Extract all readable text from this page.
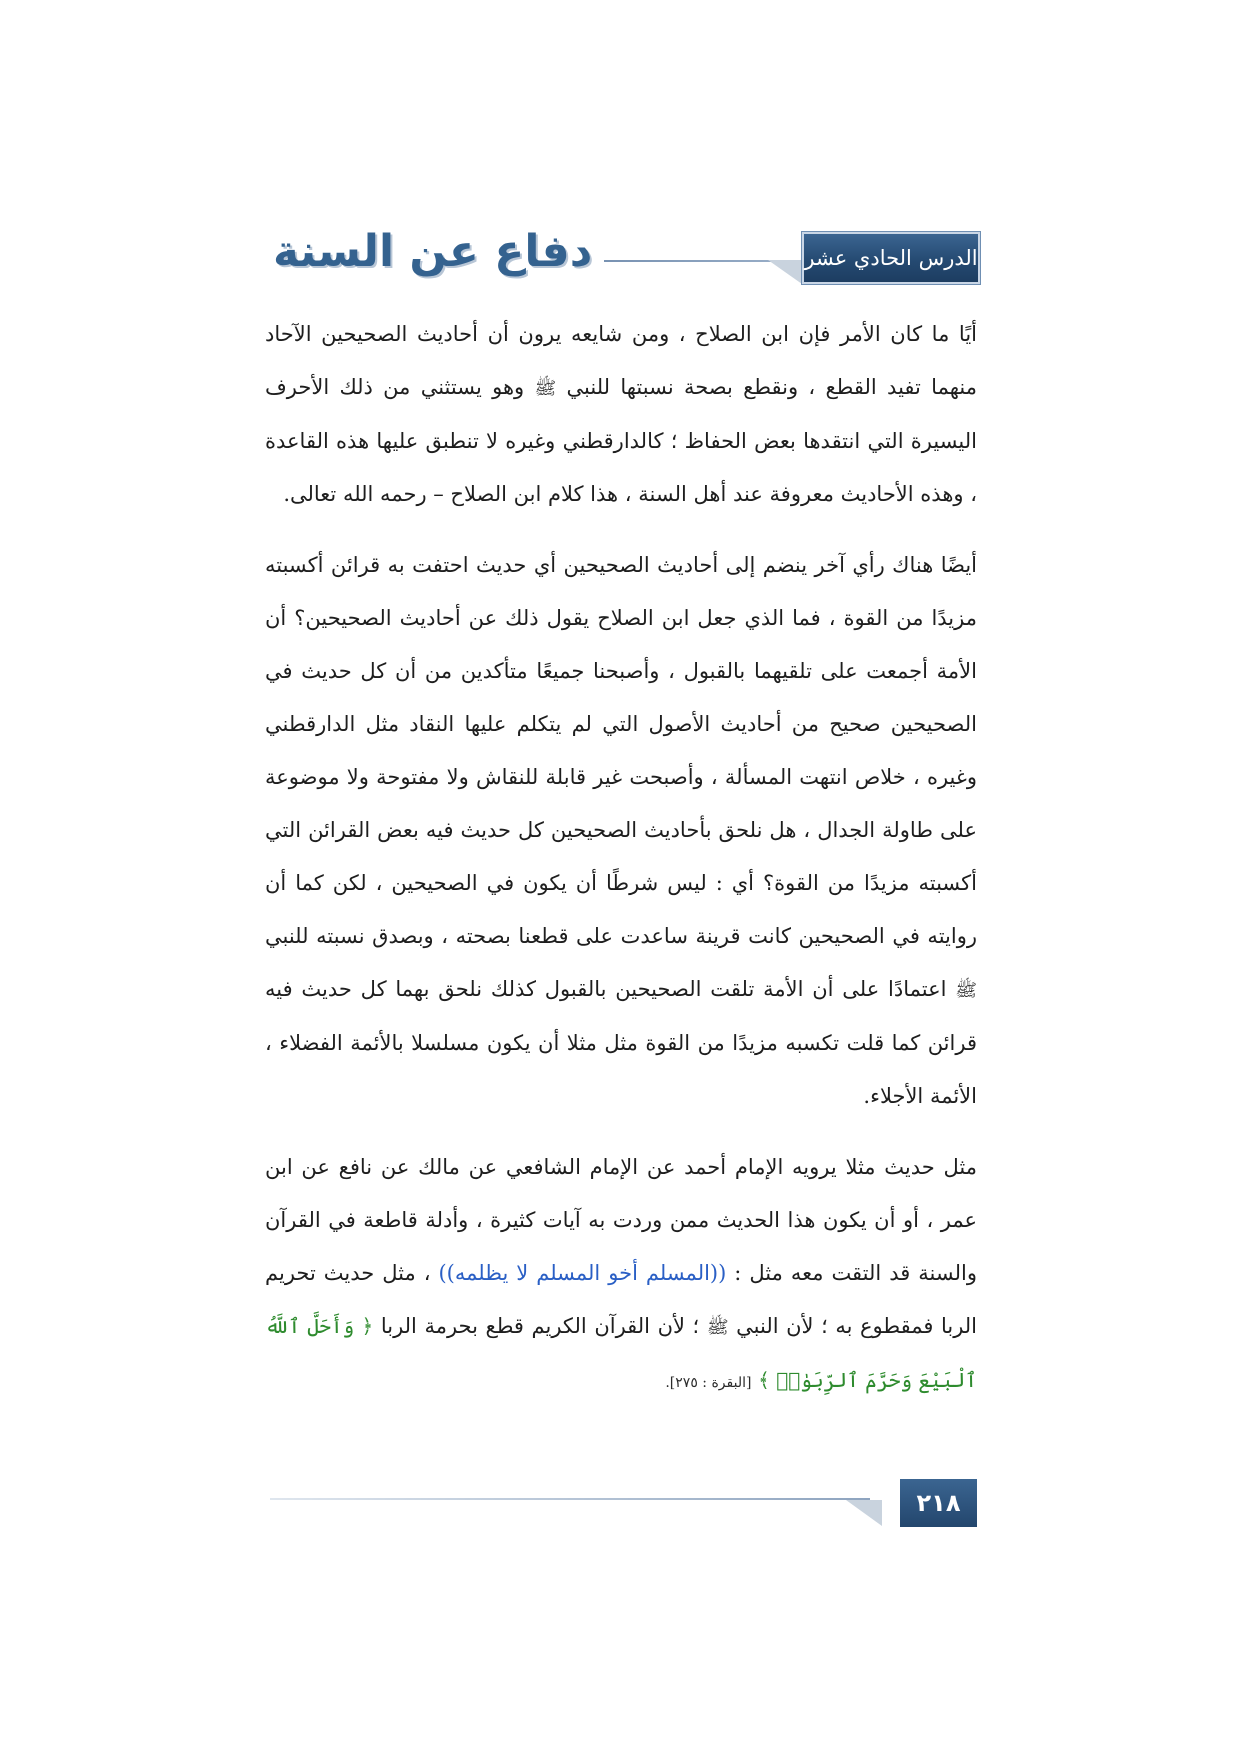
دفاع عن السنة	الدرس الحادي عشر

أيًا ما كان الأمر فإن ابن الصلاح ، ومن شايعه يرون أن أحاديث الصحيحين الآحاد منهما تفيد القطع ، ونقطع بصحة نسبتها للنبي ﷺ وهو يستثني من ذلك الأحرف اليسيرة التي انتقدها بعض الحفاظ ؛ كالدارقطني وغيره لا تنطبق عليها هذه القاعدة ، وهذه الأحاديث معروفة عند أهل السنة ، هذا كلام ابن الصلاح – رحمه الله تعالى.

أيضًا هناك رأي آخر ينضم إلى أحاديث الصحيحين أي حديث احتفت به قرائن أكسبته مزيدًا من القوة ، فما الذي جعل ابن الصلاح يقول ذلك عن أحاديث الصحيحين؟ أن الأمة أجمعت على تلقيهما بالقبول ، وأصبحنا جميعًا متأكدين من أن كل حديث في الصحيحين صحيح من أحاديث الأصول التي لم يتكلم عليها النقاد مثل الدارقطني وغيره ، خلاص انتهت المسألة ، وأصبحت غير قابلة للنقاش ولا مفتوحة ولا موضوعة على طاولة الجدال ، هل نلحق بأحاديث الصحيحين كل حديث فيه بعض القرائن التي أكسبته مزيدًا من القوة؟ أي : ليس شرطًا أن يكون في الصحيحين ، لكن كما أن روايته في الصحيحين كانت قرينة ساعدت على قطعنا بصحته ، وبصدق نسبته للنبي ﷺ اعتمادًا على أن الأمة تلقت الصحيحين بالقبول كذلك نلحق بهما كل حديث فيه قرائن كما قلت تكسبه مزيدًا من القوة مثل مثلا أن يكون مسلسلا بالأئمة الفضلاء ، الأئمة الأجلاء.

مثل حديث مثلا يرويه الإمام أحمد عن الإمام الشافعي عن مالك عن نافع عن ابن عمر ، أو أن يكون هذا الحديث ممن وردت به آيات كثيرة ، وأدلة قاطعة في القرآن والسنة قد التقت معه مثل : ((المسلم أخو المسلم لا يظلمه)) ، مثل حديث تحريم الربا فمقطوع به ؛ لأن النبي ﷺ ؛ لأن القرآن الكريم قطع بحرمة الربا ﴿ وَأَحَلَّ ٱللَّهُ ٱلْبَيْعَ وَحَرَّمَ ٱلرِّبَوٰا۟ ﴾ [البقرة : ٢٧٥].

٢١٨
